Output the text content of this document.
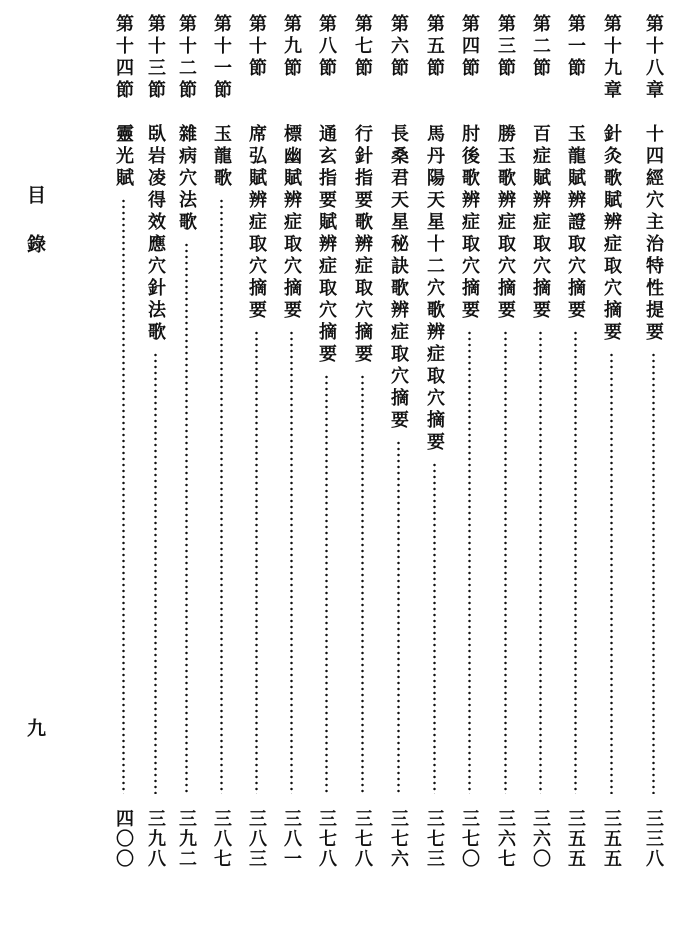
目錄
九
第十八章
十四經穴主治特性提要
三三八
第十九章
針灸歌賦辨症取穴摘要
三五五
第一節
玉龍賦辨證取穴摘要
三五五
第二節
百症賦辨症取穴摘要
三六〇
第三節
勝玉歌辨症取穴摘要
三六七
第四節
肘後歌辨症取穴摘要
三七〇
第五節
馬丹陽天星十二穴歌辨症取穴摘要
三七三
第六節
長桑君天星秘訣歌辨症取穴摘要
三七六
第七節
行針指要歌辨症取穴摘要
三七八
第八節
通玄指要賦辨症取穴摘要
三七八
第九節
標幽賦辨症取穴摘要
三八一
第十節
席弘賦辨症取穴摘要
三八三
第十一節
玉龍歌
三八七
第十二節
雜病穴法歌
三九二
第十三節
臥岩凌得效應穴針法歌
三九八
第十四節
靈光賦
四〇〇
